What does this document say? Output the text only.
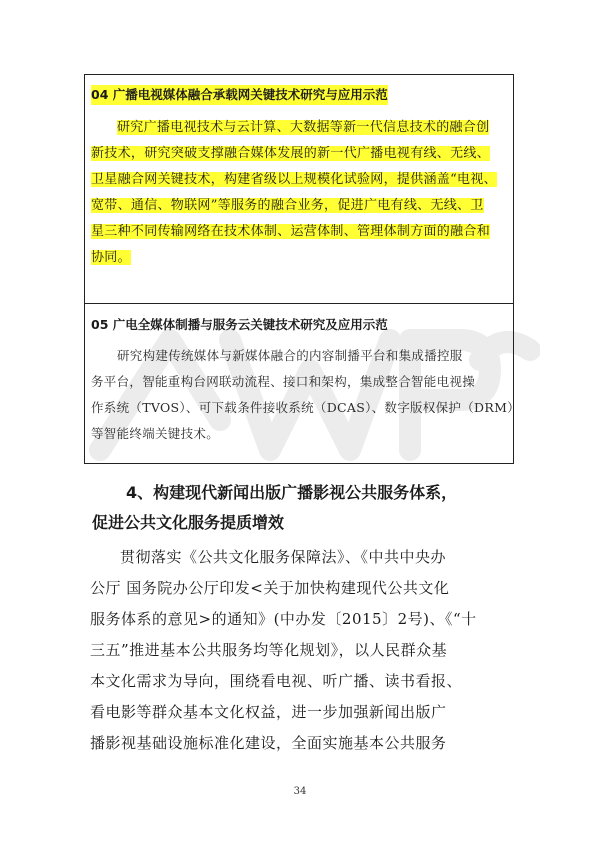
04 广播电视媒体融合承载网关键技术研究与应用示范
研究广播电视技术与云计算、大数据等新一代信息技术的融合创
新技术，研究突破支撑融合媒体发展的新一代广播电视有线、无线、
卫星融合网关键技术，构建省级以上规模化试验网，提供涵盖“电视、
宽带、通信、物联网”等服务的融合业务，促进广电有线、无线、卫
星三种不同传输网络在技术体制、运营体制、管理体制方面的融合和
协同。
05 广电全媒体制播与服务云关键技术研究及应用示范
研究构建传统媒体与新媒体融合的内容制播平台和集成播控服
务平台，智能重构台网联动流程、接口和架构，集成整合智能电视操
作系统（TVOS）、可下载条件接收系统（DCAS）、数字版权保护（DRM）
等智能终端关键技术。
4、构建现代新闻出版广播影视公共服务体系，
促进公共文化服务提质增效
贯彻落实《公共文化服务保障法》、《中共中央办
公厅 国务院办公厅印发<关于加快构建现代公共文化
服务体系的意见>的通知》(中办发〔2015〕2号)、《“十
三五”推进基本公共服务均等化规划》，以人民群众基
本文化需求为导向，围绕看电视、听广播、读书看报、
看电影等群众基本文化权益，进一步加强新闻出版广
播影视基础设施标准化建设，全面实施基本公共服务
34
